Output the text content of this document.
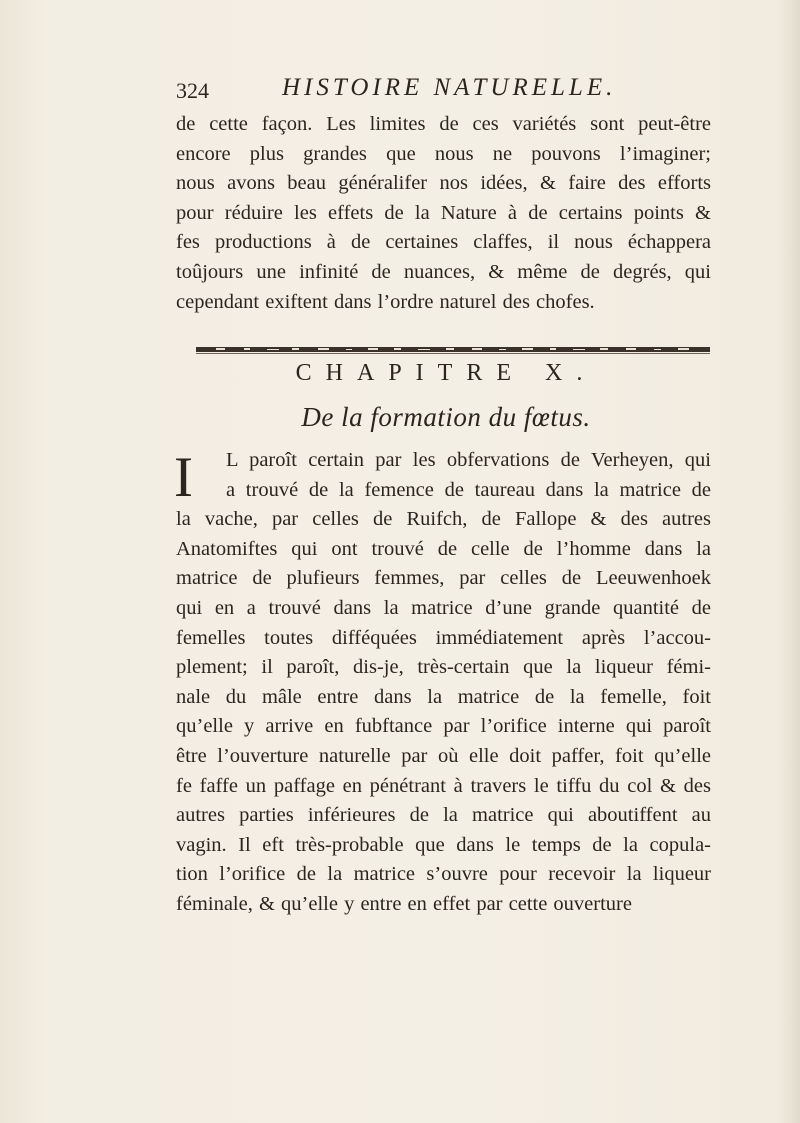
324	HISTOIRE NATURELLE.
de cette façon. Les limites de ces variétés sont peut-être
encore plus grandes que nous ne pouvons l’imaginer;
nous avons beau généralifer nos idées, & faire des efforts
pour réduire les effets de la Nature à de certains points &
fes productions à de certaines claffes, il nous échappera
toûjours une infinité de nuances, & même de degrés, qui
cependant exiftent dans l’ordre naturel des chofes.
CHAPITRE X.
De la formation du fœtus.
I	L paroît certain par les obfervations de Verheyen, qui
a trouvé de la femence de taureau dans la matrice de
la vache, par celles de Ruifch, de Fallope & des autres
Anatomiftes qui ont trouvé de celle de l’homme dans la
matrice de plufieurs femmes, par celles de Leeuwenhoek
qui en a trouvé dans la matrice d’une grande quantité de
femelles toutes difféquées immédiatement après l’accou-
plement; il paroît, dis-je, très-certain que la liqueur fémi-
nale du mâle entre dans la matrice de la femelle, foit
qu’elle y arrive en fubftance par l’orifice interne qui paroît
être l’ouverture naturelle par où elle doit paffer, foit qu’elle
fe faffe un paffage en pénétrant à travers le tiffu du col & des
autres parties inférieures de la matrice qui aboutiffent au
vagin. Il eft très-probable que dans le temps de la copula-
tion l’orifice de la matrice s’ouvre pour recevoir la liqueur
féminale, & qu’elle y entre en effet par cette ouverture
